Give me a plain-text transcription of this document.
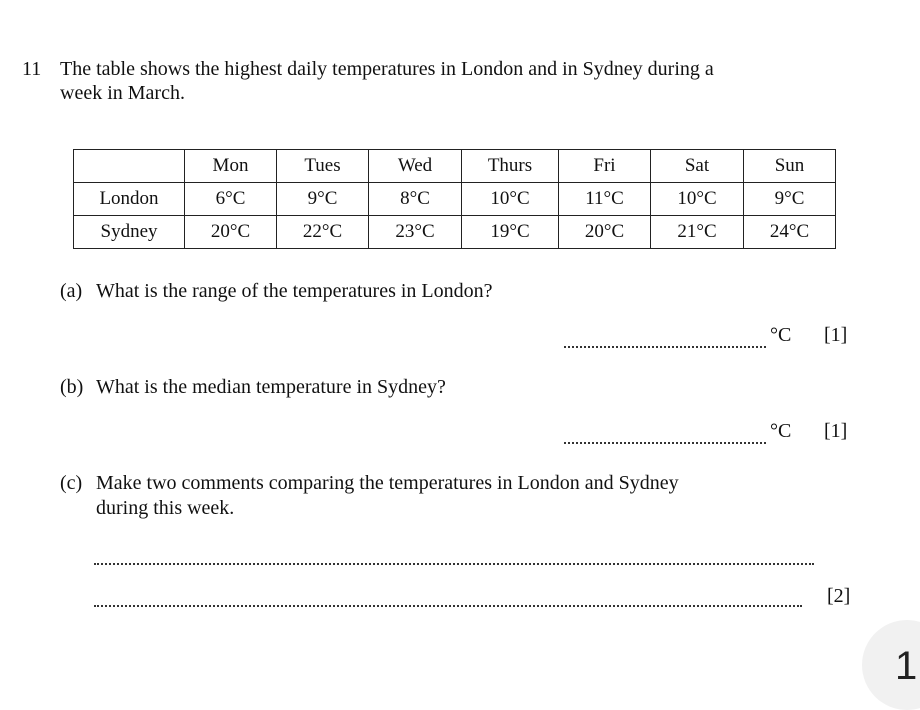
11 The table shows the highest daily temperatures in London and in Sydney during a
week in March.
	Mon	Tues	Wed	Thurs	Fri	Sat	Sun
London	6°C	9°C	8°C	10°C	11°C	10°C	9°C
Sydney	20°C	22°C	23°C	19°C	20°C	21°C	24°C
(a) What is the range of the temperatures in London?
°C [1]
(b) What is the median temperature in Sydney?
°C [1]
(c) Make two comments comparing the temperatures in London and Sydney
during this week.
[2]
1
